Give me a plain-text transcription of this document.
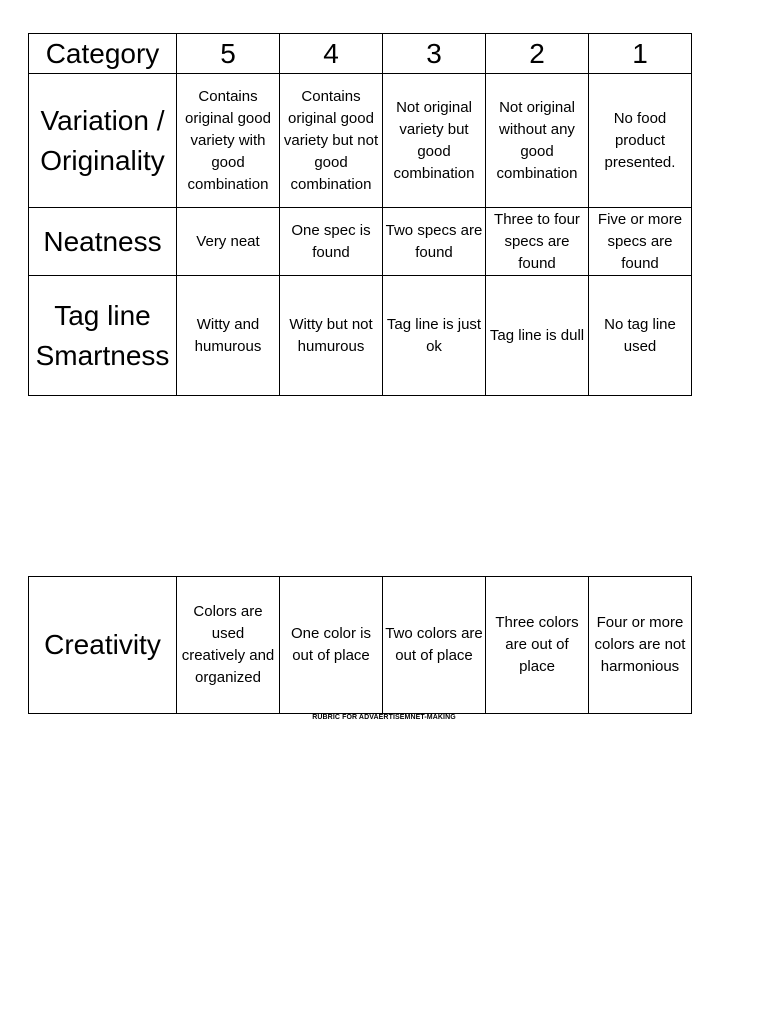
Category	5	4	3	2	1
Variation / Originality	Contains original good variety with good combination	Contains original good variety but not good combination	Not original variety but good combination	Not original without any good combination	No food product presented.
Neatness	Very neat	One spec is found	Two specs are found	Three to four specs are found	Five or more specs are found
Tag line Smartness	Witty and humurous	Witty but not humurous	Tag line is just ok	Tag line is dull	No tag line used
Creativity	Colors are used creatively and organized	One color is out of place	Two colors are out of place	Three colors are out of place	Four or more colors are not harmonious
RUBRIC FOR ADVAERTISEMNET-MAKING
